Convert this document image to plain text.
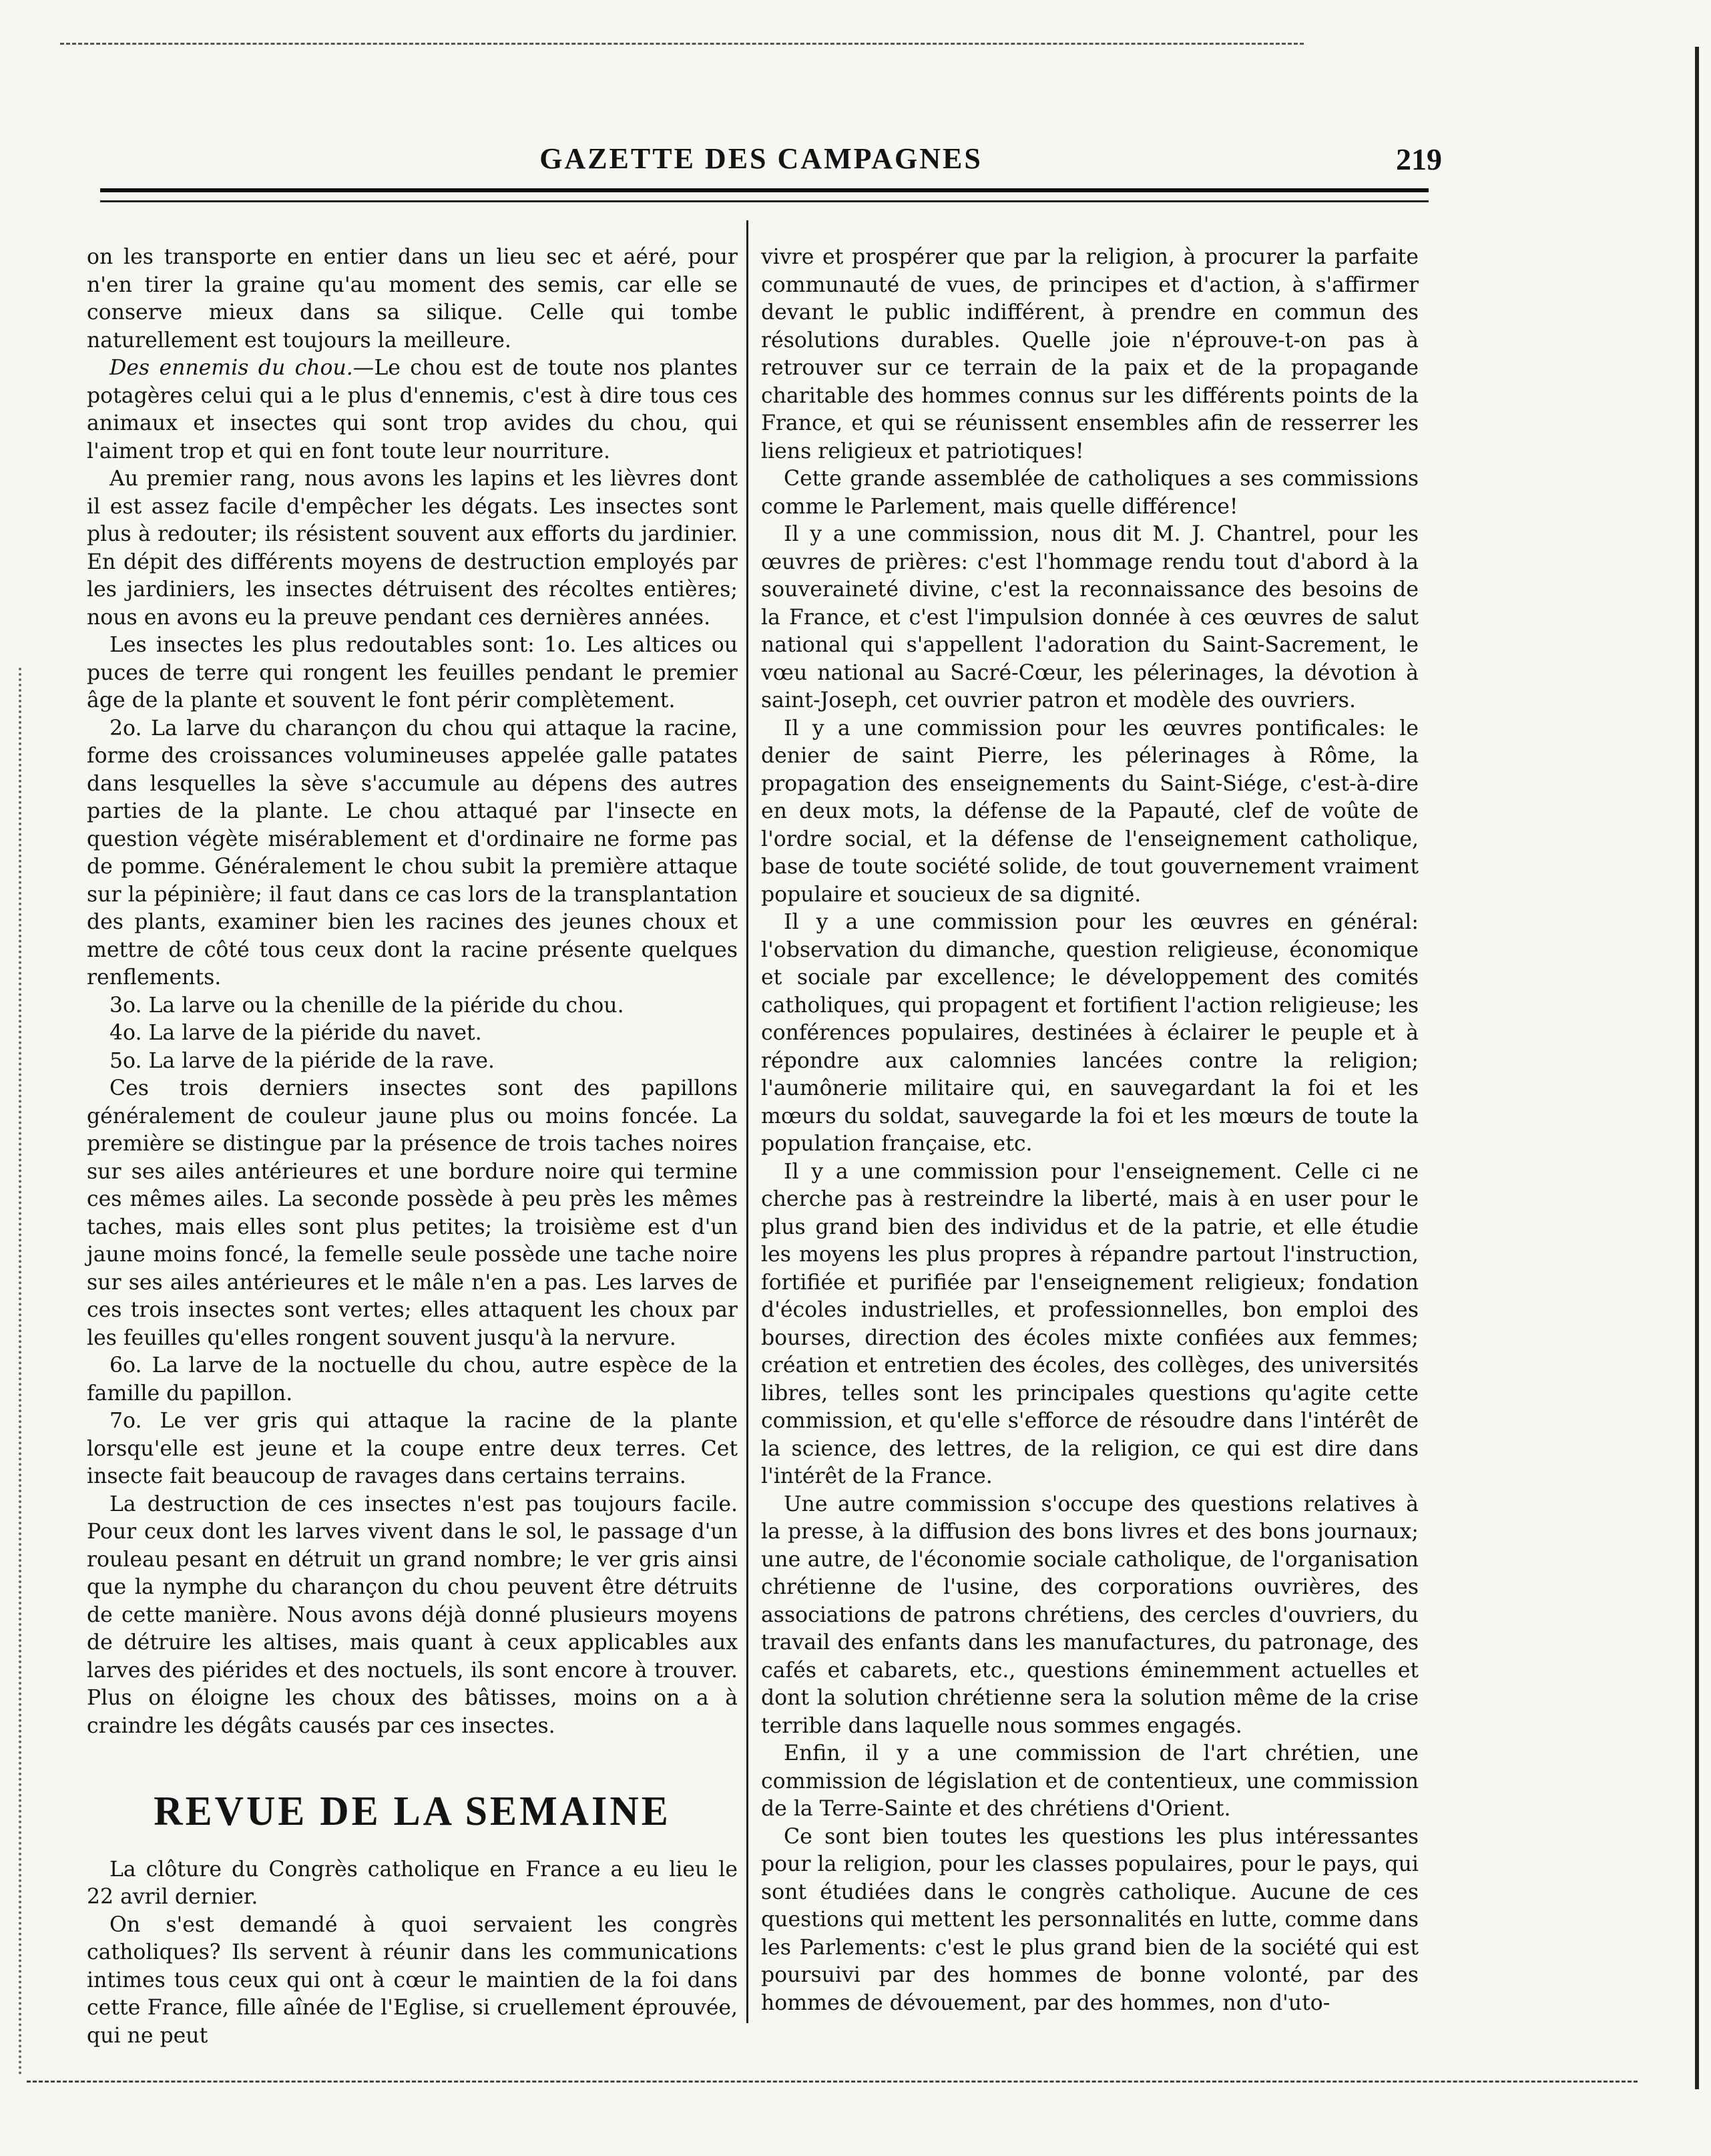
GAZETTE DES CAMPAGNES	219

on les transporte en entier dans un lieu sec et aéré, pour n'en tirer la graine qu'au moment des semis, car elle se conserve mieux dans sa silique. Celle qui tombe naturellement est toujours la meilleure.

Des ennemis du chou.—Le chou est de toute nos plantes potagères celui qui a le plus d'ennemis, c'est à dire tous ces animaux et insectes qui sont trop avides du chou, qui l'aiment trop et qui en font toute leur nourriture.

Au premier rang, nous avons les lapins et les lièvres dont il est assez facile d'empêcher les dégats. Les insectes sont plus à redouter; ils résistent souvent aux efforts du jardinier. En dépit des différents moyens de destruction employés par les jardiniers, les insectes détruisent des récoltes entières; nous en avons eu la preuve pendant ces dernières années.

Les insectes les plus redoutables sont: 1o. Les altices ou puces de terre qui rongent les feuilles pendant le premier âge de la plante et souvent le font périr complètement.

2o. La larve du charançon du chou qui attaque la racine, forme des croissances volumineuses appelée galle patates dans lesquelles la sève s'accumule au dépens des autres parties de la plante. Le chou attaqué par l'insecte en question végète misérablement et d'ordinaire ne forme pas de pomme. Généralement le chou subit la première attaque sur la pépinière; il faut dans ce cas lors de la transplantation des plants, examiner bien les racines des jeunes choux et mettre de côté tous ceux dont la racine présente quelques renflements.

3o. La larve ou la chenille de la piéride du chou.

4o. La larve de la piéride du navet.

5o. La larve de la piéride de la rave.

Ces trois derniers insectes sont des papillons généralement de couleur jaune plus ou moins foncée. La première se distingue par la présence de trois taches noires sur ses ailes antérieures et une bordure noire qui termine ces mêmes ailes. La seconde possède à peu près les mêmes taches, mais elles sont plus petites; la troisième est d'un jaune moins foncé, la femelle seule possède une tache noire sur ses ailes antérieures et le mâle n'en a pas. Les larves de ces trois insectes sont vertes; elles attaquent les choux par les feuilles qu'elles rongent souvent jusqu'à la nervure.

6o. La larve de la noctuelle du chou, autre espèce de la famille du papillon.

7o. Le ver gris qui attaque la racine de la plante lorsqu'elle est jeune et la coupe entre deux terres. Cet insecte fait beaucoup de ravages dans certains terrains.

La destruction de ces insectes n'est pas toujours facile. Pour ceux dont les larves vivent dans le sol, le passage d'un rouleau pesant en détruit un grand nombre; le ver gris ainsi que la nymphe du charançon du chou peuvent être détruits de cette manière. Nous avons déjà donné plusieurs moyens de détruire les altises, mais quant à ceux applicables aux larves des piérides et des noctuels, ils sont encore à trouver. Plus on éloigne les choux des bâtisses, moins on a à craindre les dégâts causés par ces insectes.

REVUE DE LA SEMAINE

La clôture du Congrès catholique en France a eu lieu le 22 avril dernier.

On s'est demandé à quoi servaient les congrès catholiques? Ils servent à réunir dans les communications intimes tous ceux qui ont à cœur le maintien de la foi dans cette France, fille aînée de l'Eglise, si cruellement éprouvée, qui ne peut

vivre et prospérer que par la religion, à procurer la parfaite communauté de vues, de principes et d'action, à s'affirmer devant le public indifférent, à prendre en commun des résolutions durables. Quelle joie n'éprouve-t-on pas à retrouver sur ce terrain de la paix et de la propagande charitable des hommes connus sur les différents points de la France, et qui se réunissent ensembles afin de resserrer les liens religieux et patriotiques!

Cette grande assemblée de catholiques a ses commissions comme le Parlement, mais quelle différence!

Il y a une commission, nous dit M. J. Chantrel, pour les œuvres de prières: c'est l'hommage rendu tout d'abord à la souveraineté divine, c'est la reconnaissance des besoins de la France, et c'est l'impulsion donnée à ces œuvres de salut national qui s'appellent l'adoration du Saint-Sacrement, le vœu national au Sacré-Cœur, les pélerinages, la dévotion à saint-Joseph, cet ouvrier patron et modèle des ouvriers.

Il y a une commission pour les œuvres pontificales: le denier de saint Pierre, les pélerinages à Rôme, la propagation des enseignements du Saint-Siége, c'est-à-dire en deux mots, la défense de la Papauté, clef de voûte de l'ordre social, et la défense de l'enseignement catholique, base de toute société solide, de tout gouvernement vraiment populaire et soucieux de sa dignité.

Il y a une commission pour les œuvres en général: l'observation du dimanche, question religieuse, économique et sociale par excellence; le développement des comités catholiques, qui propagent et fortifient l'action religieuse; les conférences populaires, destinées à éclairer le peuple et à répondre aux calomnies lancées contre la religion; l'aumônerie militaire qui, en sauvegardant la foi et les mœurs du soldat, sauvegarde la foi et les mœurs de toute la population française, etc.

Il y a une commission pour l'enseignement. Celle ci ne cherche pas à restreindre la liberté, mais à en user pour le plus grand bien des individus et de la patrie, et elle étudie les moyens les plus propres à répandre partout l'instruction, fortifiée et purifiée par l'enseignement religieux; fondation d'écoles industrielles, et professionnelles, bon emploi des bourses, direction des écoles mixte confiées aux femmes; création et entretien des écoles, des collèges, des universités libres, telles sont les principales questions qu'agite cette commission, et qu'elle s'efforce de résoudre dans l'intérêt de la science, des lettres, de la religion, ce qui est dire dans l'intérêt de la France.

Une autre commission s'occupe des questions relatives à la presse, à la diffusion des bons livres et des bons journaux; une autre, de l'économie sociale catholique, de l'organisation chrétienne de l'usine, des corporations ouvrières, des associations de patrons chrétiens, des cercles d'ouvriers, du travail des enfants dans les manufactures, du patronage, des cafés et cabarets, etc., questions éminemment actuelles et dont la solution chrétienne sera la solution même de la crise terrible dans laquelle nous sommes engagés.

Enfin, il y a une commission de l'art chrétien, une commission de législation et de contentieux, une commission de la Terre-Sainte et des chrétiens d'Orient.

Ce sont bien toutes les questions les plus intéressantes pour la religion, pour les classes populaires, pour le pays, qui sont étudiées dans le congrès catholique. Aucune de ces questions qui mettent les personnalités en lutte, comme dans les Parlements: c'est le plus grand bien de la société qui est poursuivi par des hommes de bonne volonté, par des hommes de dévouement, par des hommes, non d'uto-
